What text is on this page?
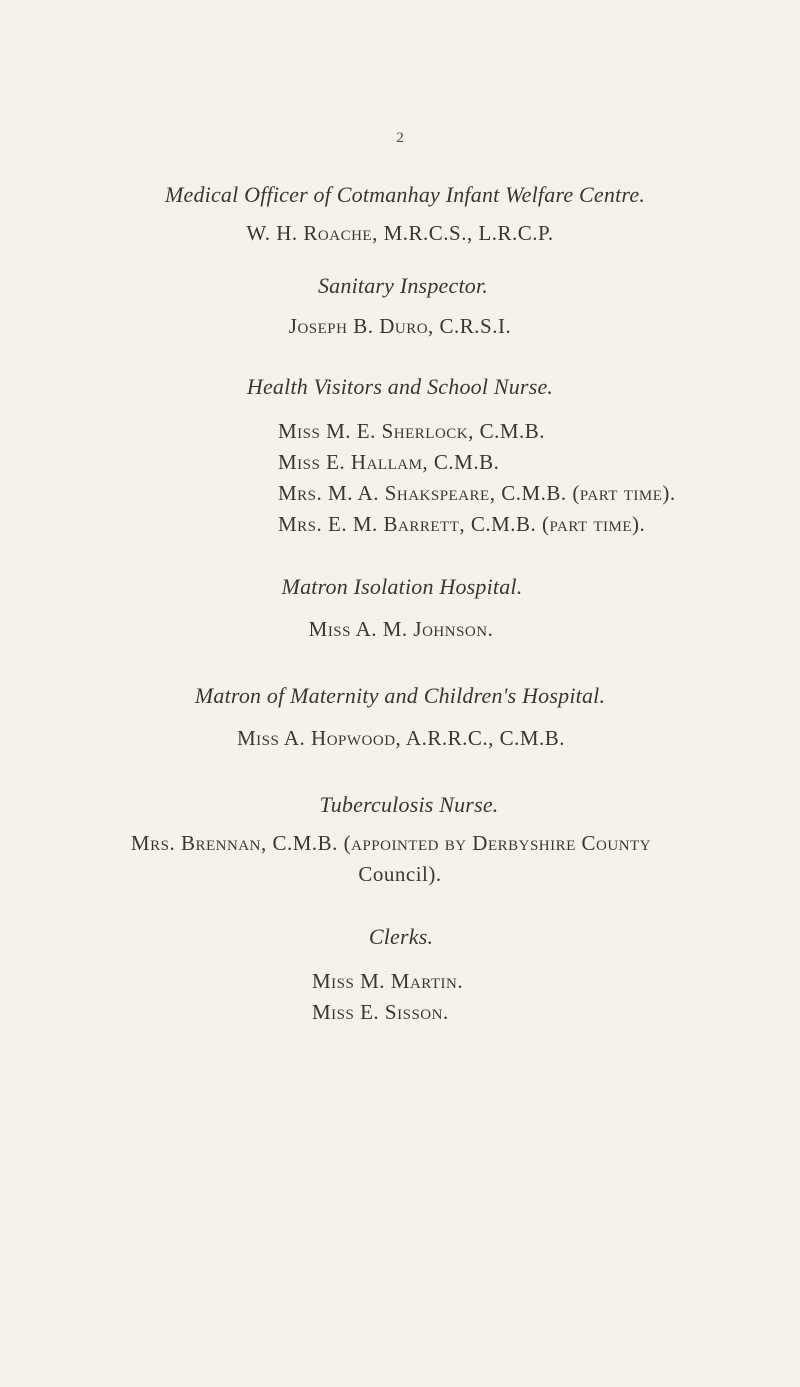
2

Medical Officer of Cotmanhay Infant Welfare Centre.

W. H. Roache, M.R.C.S., L.R.C.P.

Sanitary Inspector.

Joseph B. Duro, C.R.S.I.

Health Visitors and School Nurse.

Miss M. E. Sherlock, C.M.B.

Miss E. Hallam, C.M.B.

Mrs. M. A. Shakspeare, C.M.B. (part time).

Mrs. E. M. Barrett, C.M.B. (part time).

Matron Isolation Hospital.

Miss A. M. Johnson.

Matron of Maternity and Children's Hospital.

Miss A. Hopwood, A.R.R.C., C.M.B.

Tuberculosis Nurse.

Mrs. Brennan, C.M.B. (appointed by Derbyshire County

Council).

Clerks.

Miss M. Martin.

Miss E. Sisson.
